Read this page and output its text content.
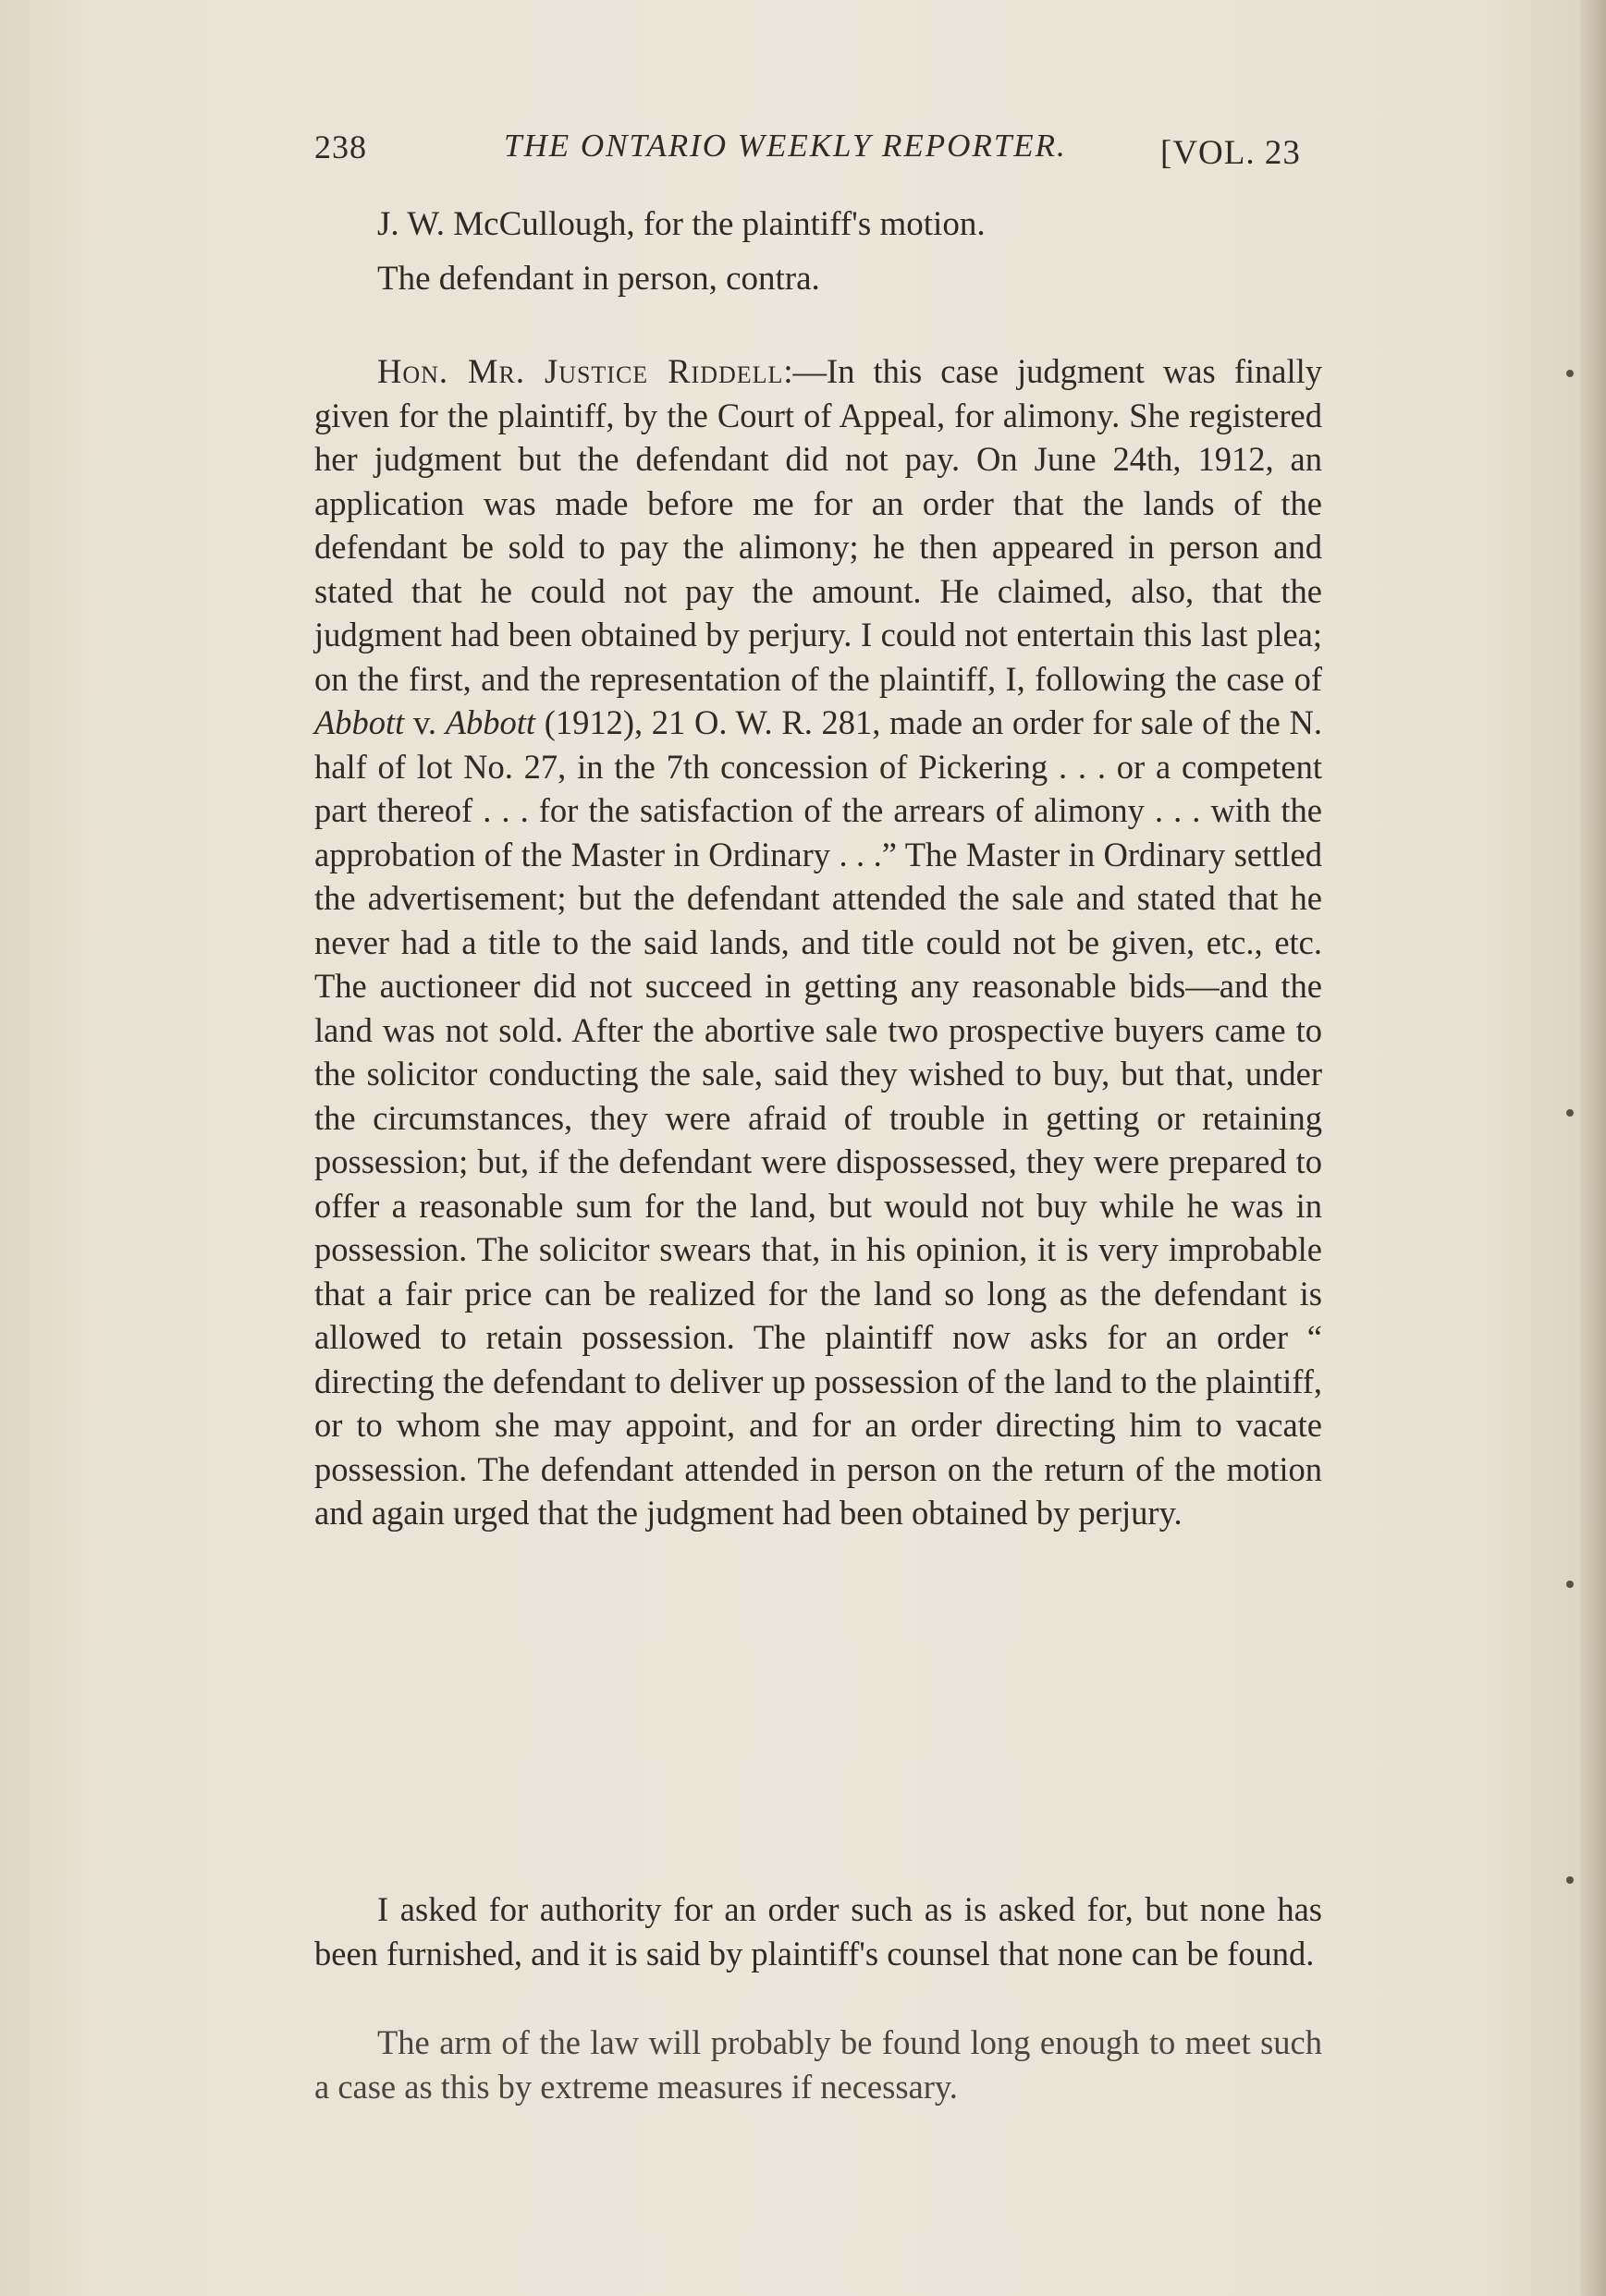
238	THE ONTARIO WEEKLY REPORTER.	[VOL. 23
J. W. McCullough, for the plaintiff's motion.
The defendant in person, contra.

Hon. Mr. Justice Riddell:—In this case judgment was finally given for the plaintiff, by the Court of Appeal, for alimony. She registered her judgment but the defendant did not pay. On June 24th, 1912, an application was made before me for an order that the lands of the defendant be sold to pay the alimony; he then appeared in person and stated that he could not pay the amount. He claimed, also, that the judgment had been obtained by perjury. I could not entertain this last plea; on the first, and the representation of the plaintiff, I, following the case of Abbott v. Abbott (1912), 21 O. W. R. 281, made an order for sale of the N. half of lot No. 27, in the 7th concession of Pickering . . . or a competent part thereof . . . for the satisfaction of the arrears of alimony . . . with the approbation of the Master in Ordinary . . .” The Master in Ordinary settled the advertisement; but the defendant attended the sale and stated that he never had a title to the said lands, and title could not be given, etc., etc. The auctioneer did not succeed in getting any reasonable bids—and the land was not sold. After the abortive sale two prospective buyers came to the solicitor conducting the sale, said they wished to buy, but that, under the circumstances, they were afraid of trouble in getting or retaining possession; but, if the defendant were dispossessed, they were prepared to offer a reasonable sum for the land, but would not buy while he was in possession. The solicitor swears that, in his opinion, it is very improbable that a fair price can be realized for the land so long as the defendant is allowed to retain possession. The plaintiff now asks for an order “ directing the defendant to deliver up possession of the land to the plaintiff, or to whom she may appoint, and for an order directing him to vacate possession. The defendant attended in person on the return of the motion and again urged that the judgment had been obtained by perjury.

I asked for authority for an order such as is asked for, but none has been furnished, and it is said by plaintiff's counsel that none can be found.

The arm of the law will probably be found long enough to meet such a case as this by extreme measures if necessary.
